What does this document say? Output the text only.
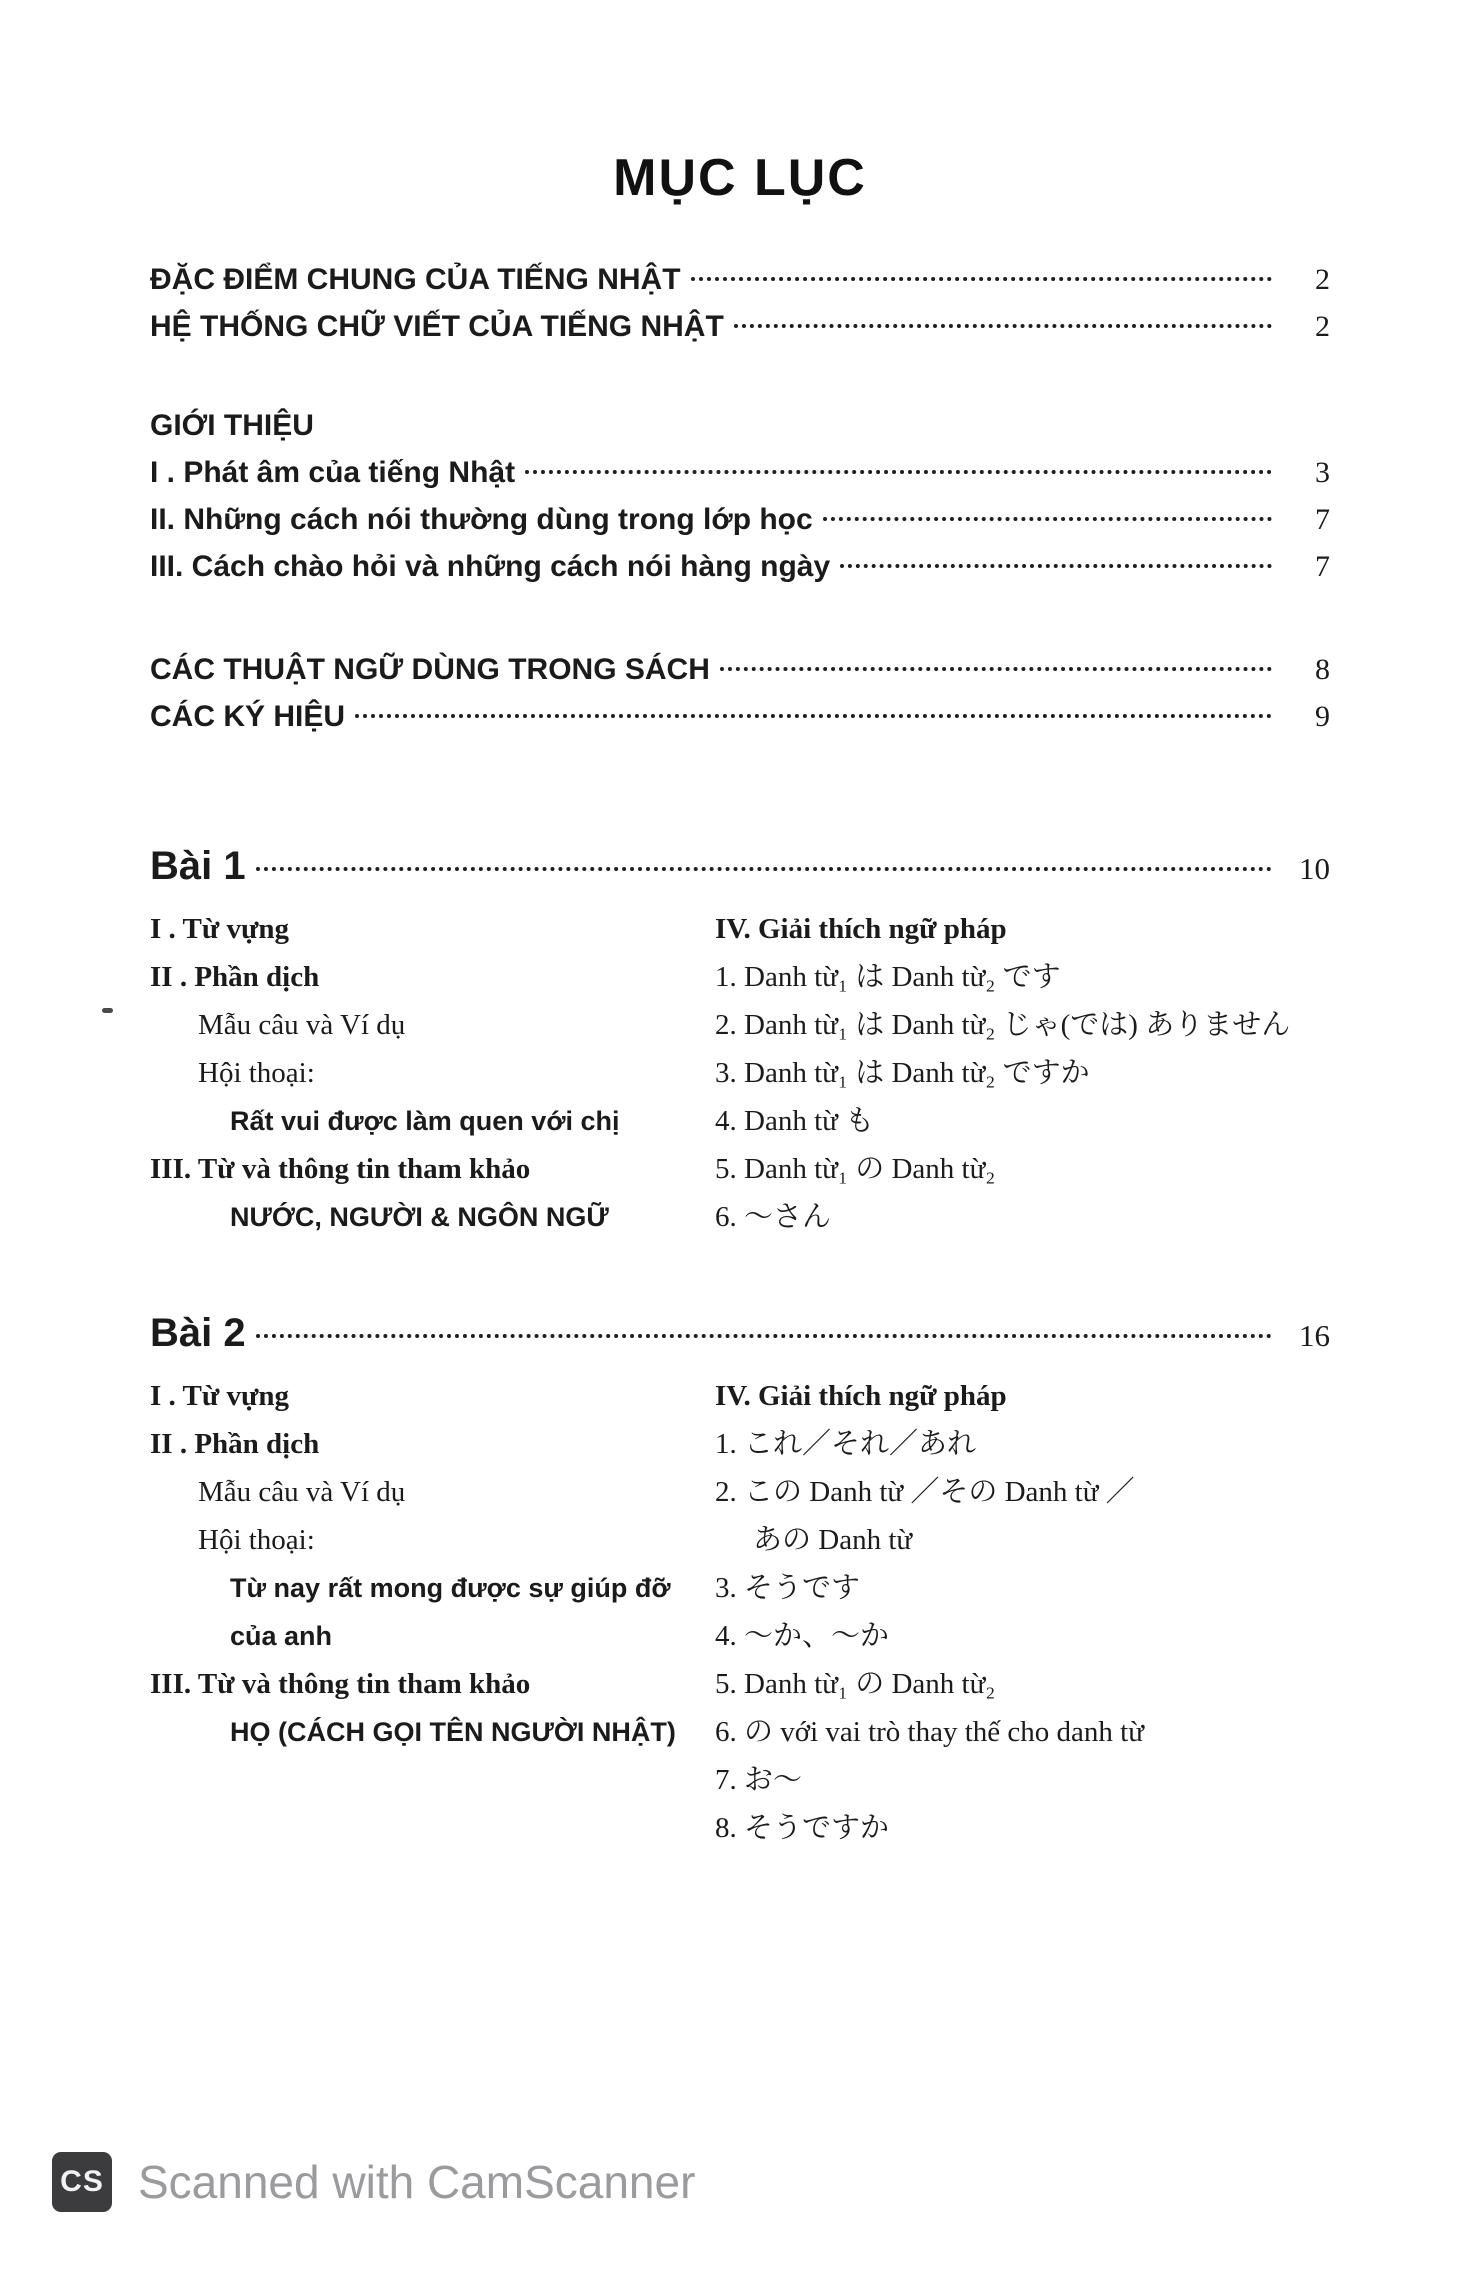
MỤC LỤC
ĐẶC ĐIỂM CHUNG CỦA TIẾNG NHẬT	2
HỆ THỐNG CHỮ VIẾT CỦA TIẾNG NHẬT	2
GIỚI THIỆU
I . Phát âm của tiếng Nhật	3
II. Những cách nói thường dùng trong lớp học	7
III. Cách chào hỏi và những cách nói hàng ngày	7
CÁC THUẬT NGỮ DÙNG TRONG SÁCH	8
CÁC KÝ HIỆU	9
Bài 1	10
I . Từ vựng
II . Phần dịch
Mẫu câu và Ví dụ
Hội thoại:
Rất vui được làm quen với chị
III. Từ và thông tin tham khảo
NƯỚC, NGƯỜI & NGÔN NGỮ
IV. Giải thích ngữ pháp
1. Danh từ₁ は Danh từ₂ です
2. Danh từ₁ は Danh từ₂ じゃ(では) ありません
3. Danh từ₁ は Danh từ₂ ですか
4. Danh từ も
5. Danh từ₁ の Danh từ₂
6. ～さん
Bài 2	16
I . Từ vựng
II . Phần dịch
Mẫu câu và Ví dụ
Hội thoại:
Từ nay rất mong được sự giúp đỡ
của anh
III. Từ và thông tin tham khảo
HỌ (CÁCH GỌI TÊN NGƯỜI NHẬT)
IV. Giải thích ngữ pháp
1. これ／それ／あれ
2. この Danh từ ／その Danh từ ／
あの Danh từ
3. そうです
4. ～か、～か
5. Danh từ₁ の Danh từ₂
6. の với vai trò thay thế cho danh từ
7. お～
8. そうですか
CS Scanned with CamScanner
